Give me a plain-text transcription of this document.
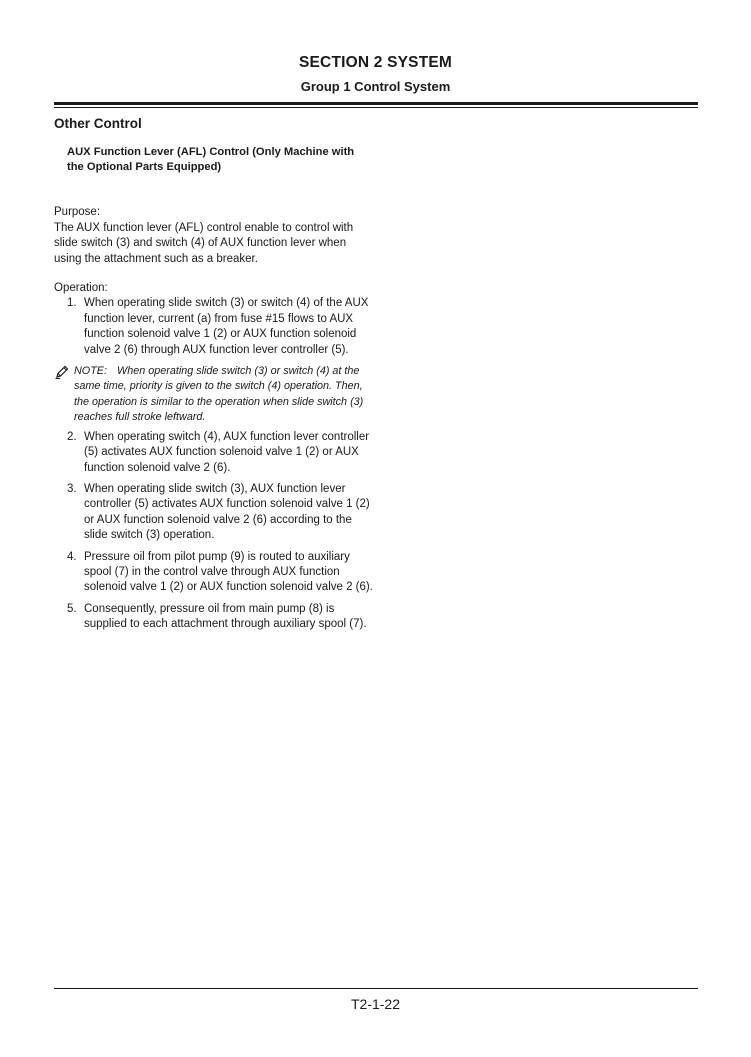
SECTION 2 SYSTEM
Group 1 Control System
Other Control
AUX Function Lever (AFL) Control (Only Machine with the Optional Parts Equipped)

Purpose:

The AUX function lever (AFL) control enable to control with slide switch (3) and switch (4) of AUX function lever when using the attachment such as a breaker.

Operation:

1. When operating slide switch (3) or switch (4) of the AUX function lever, current (a) from fuse #15 flows to AUX function solenoid valve 1 (2) or AUX function solenoid valve 2 (6) through AUX function lever controller (5).
NOTE: When operating slide switch (3) or switch (4) at the same time, priority is given to the switch (4) operation. Then, the operation is similar to the operation when slide switch (3) reaches full stroke leftward.
2. When operating switch (4), AUX function lever controller (5) activates AUX function solenoid valve 1 (2) or AUX function solenoid valve 2 (6).
3. When operating slide switch (3), AUX function lever controller (5) activates AUX function solenoid valve 1 (2) or AUX function solenoid valve 2 (6) according to the slide switch (3) operation.
4. Pressure oil from pilot pump (9) is routed to auxiliary spool (7) in the control valve through AUX function solenoid valve 1 (2) or AUX function solenoid valve 2 (6).
5. Consequently, pressure oil from main pump (8) is supplied to each attachment through auxiliary spool (7).
T2-1-22
